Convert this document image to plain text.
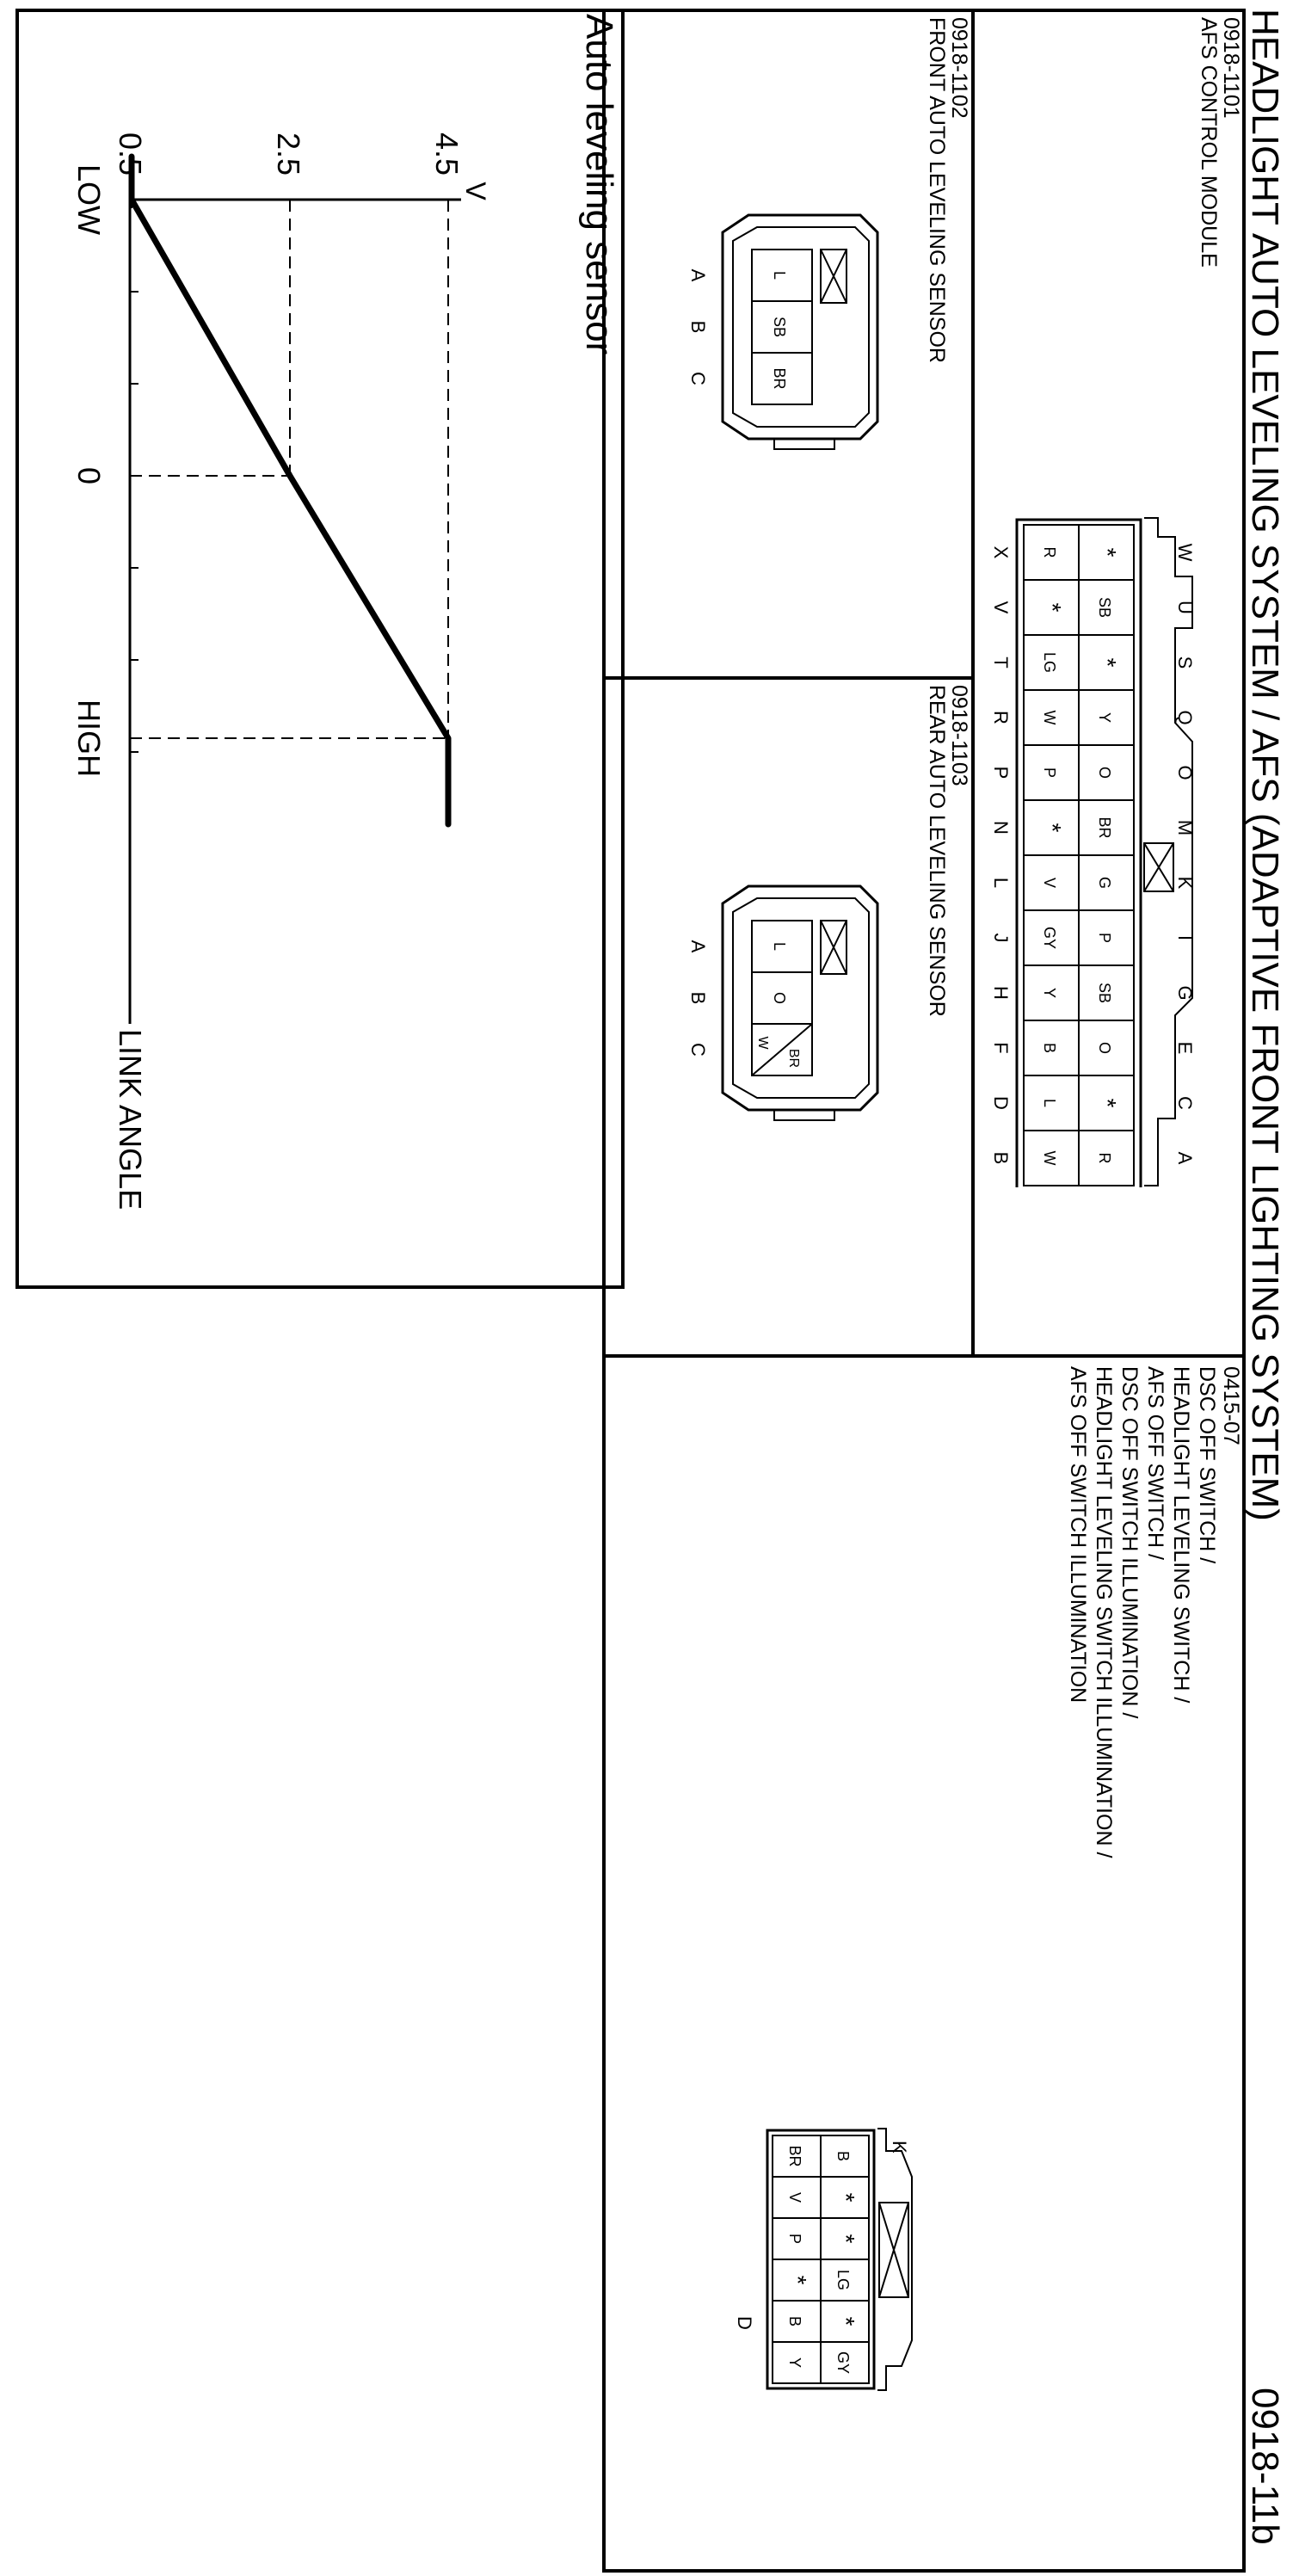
HEADLIGHT AUTO LEVELING SYSTEM / AFS (ADAPTIVE FRONT LIGHTING SYSTEM)
0918-11b
0918-1101
AFS CONTROL MODULE
*
SB
*
Y
O
BR
G
P
SB
O
*
R
R
*
LG
W
P
*
V
GY
Y
B
L
W
W
U
S
Q
O
M
K
I
G
E
C
A
X
V
T
R
P
N
L
J
H
F
D
B
0918-1102
FRONT AUTO LEVELING SENSOR
L
SB
BR
A
B
C
0918-1103
REAR AUTO LEVELING SENSOR
L
O
BR
W
A
B
C
0415-07
DSC OFF SWITCH /
HEADLIGHT LEVELING SWITCH /
AFS OFF SWITCH /
DSC OFF SWITCH ILLUMINATION /
HEADLIGHT LEVELING SWITCH ILLUMINATION /
AFS OFF SWITCH ILLUMINATION
B
*
*
LG
*
GY
BR
V
P
*
B
Y
K
D
Auto leveling sensor
4.5
2.5
0.5
V
LOW
0
HIGH
LINK ANGLE
